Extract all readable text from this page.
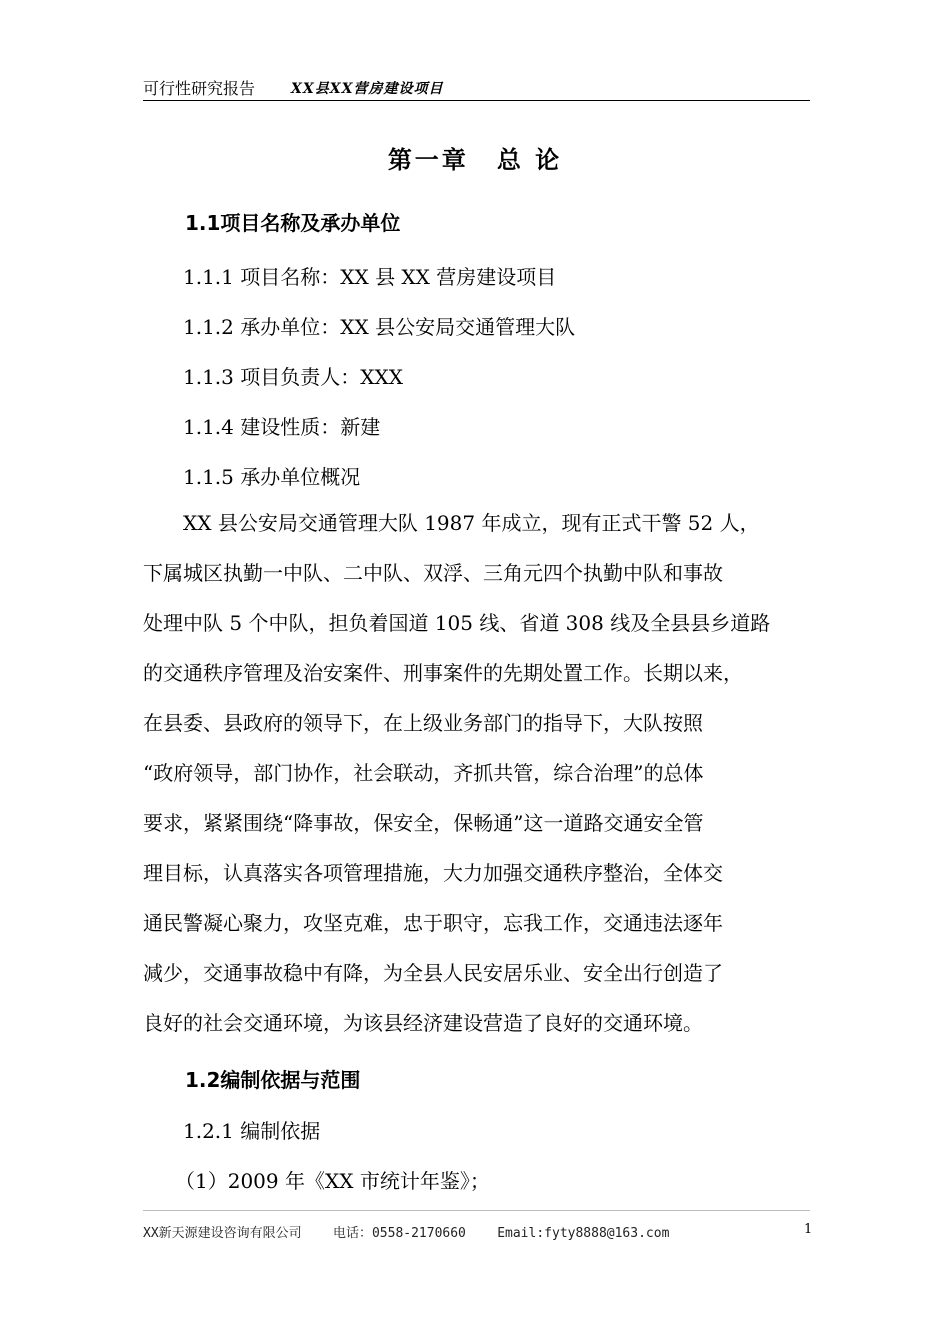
可行性研究报告	XX县XX营房建设项目
第一章 总 论
1.1项目名称及承办单位
1.1.1 项目名称：XX 县 XX 营房建设项目
1.1.2 承办单位：XX 县公安局交通管理大队
1.1.3 项目负责人：XXX
1.1.4 建设性质：新建
1.1.5 承办单位概况
XX 县公安局交通管理大队 1987 年成立，现有正式干警 52 人，
下属城区执勤一中队、二中队、双浮、三角元四个执勤中队和事故
处理中队 5 个中队，担负着国道 105 线、省道 308 线及全县县乡道路
的交通秩序管理及治安案件、刑事案件的先期处置工作。长期以来，
在县委、县政府的领导下，在上级业务部门的指导下，大队按照
“政府领导，部门协作，社会联动，齐抓共管，综合治理”的总体
要求，紧紧围绕“降事故，保安全，保畅通”这一道路交通安全管
理目标，认真落实各项管理措施，大力加强交通秩序整治，全体交
通民警凝心聚力，攻坚克难，忠于职守，忘我工作，交通违法逐年
减少，交通事故稳中有降，为全县人民安居乐业、安全出行创造了
良好的社会交通环境，为该县经济建设营造了良好的交通环境。
1.2编制依据与范围
1.2.1 编制依据
（1）2009 年《XX 市统计年鉴》；
XX新天源建设咨询有限公司 电话：0558-2170660 Email:fyty8888@163.com	1
